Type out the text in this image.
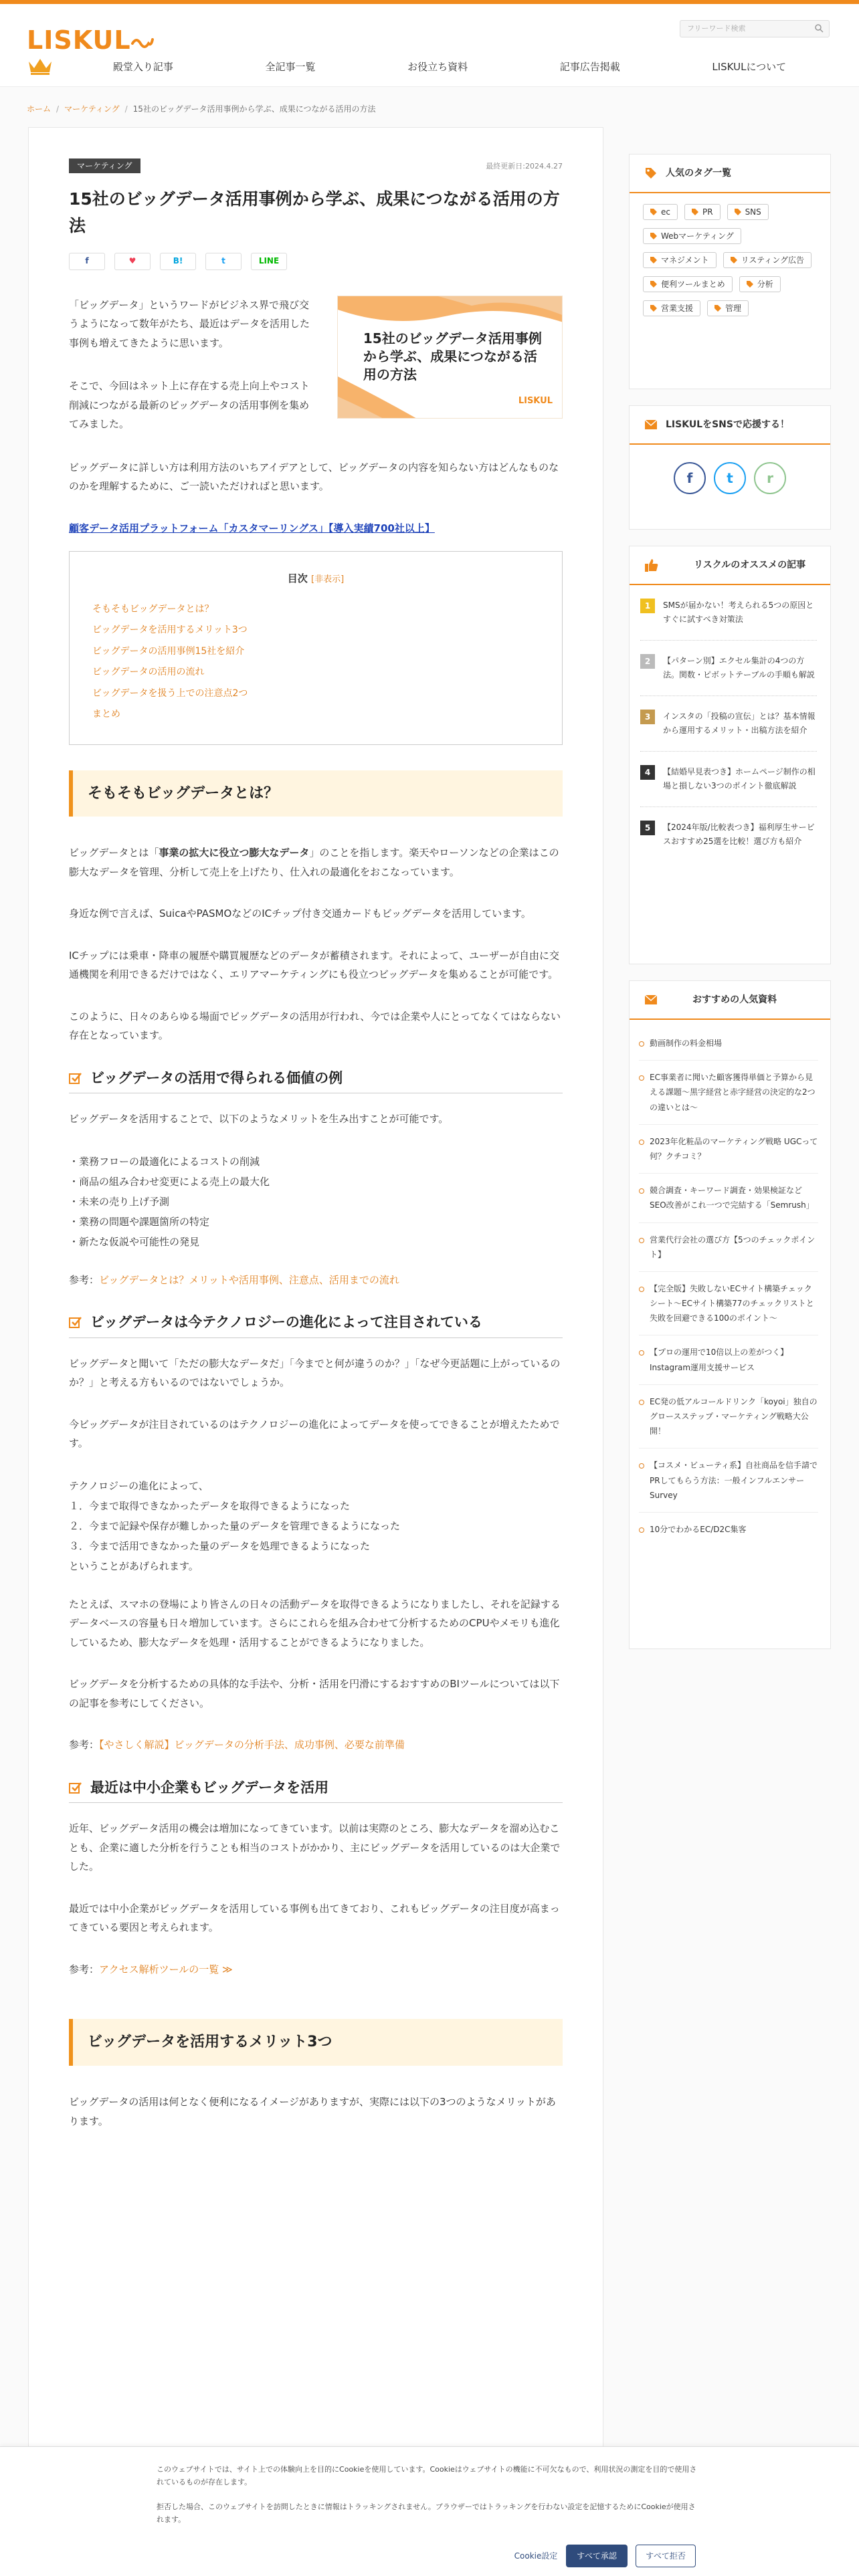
LISKUL	フリーワード検索
殿堂入り記事	全記事一覧	お役立ち資料	記事広告掲載	LISKULについて
ホーム / マーケティング / 15社のビッグデータ活用事例から学ぶ、成果につながる活用の方法
マーケティング	最終更新日:2024.4.27
15社のビッグデータ活用事例から学ぶ、成果につながる活用の方法
f	♥	B!	t	LINE

「ビッグデータ」というワードがビジネス界で飛び交うようになって数年がたち、最近はデータを活用した事例も増えてきたように思います。

そこで、今回はネット上に存在する売上向上やコスト削減につながる最新のビッグデータの活用事例を集めてみました。

15社のビッグデータ活用事例から学ぶ、成果につながる活用の方法
LISKUL

ビッグデータに詳しい方は利用方法のいちアイデアとして、ビッグデータの内容を知らない方はどんなものなのかを理解するために、ご一読いただければと思います。

顧客データ活用プラットフォーム「カスタマーリングス」【導入実績700社以上】
目次 [非表示]
そもそもビッグデータとは？
ビッグデータを活用するメリット3つ
ビッグデータの活用事例15社を紹介
ビッグデータの活用の流れ
ビッグデータを扱う上での注意点2つ
まとめ
そもそもビッグデータとは？

ビッグデータとは「事業の拡大に役立つ膨大なデータ」のことを指します。楽天やローソンなどの企業はこの膨大なデータを管理、分析して売上を上げたり、仕入れの最適化をおこなっています。

身近な例で言えば、SuicaやPASMOなどのICチップ付き交通カードもビッグデータを活用しています。

ICチップには乗車・降車の履歴や購買履歴などのデータが蓄積されます。それによって、ユーザーが自由に交通機関を利用できるだけではなく、エリアマーケティングにも役立つビッグデータを集めることが可能です。

このように、日々のあらゆる場面でビッグデータの活用が行われ、今では企業や人にとってなくてはならない存在となっています。

ビッグデータの活用で得られる価値の例

ビッグデータを活用することで、以下のようなメリットを生み出すことが可能です。

・業務フローの最適化によるコストの削減
・商品の組み合わせ変更による売上の最大化
・未来の売り上げ予測
・業務の問題や課題箇所の特定
・新たな仮説や可能性の発見

参考：ビッグデータとは？メリットや活用事例、注意点、活用までの流れ

ビッグデータは今テクノロジーの進化によって注目されている

ビッグデータと聞いて「ただの膨大なデータだ」「今までと何が違うのか？」「なぜ今更話題に上がっているのか？」と考える方もいるのではないでしょうか。

今ビッグデータが注目されているのはテクノロジーの進化によってデータを使ってできることが増えたためです。

テクノロジーの進化によって、
１．今まで取得できなかったデータを取得できるようになった
２．今まで記録や保存が難しかった量のデータを管理できるようになった
３．今まで活用できなかった量のデータを処理できるようになった
ということがあげられます。

たとえば、スマホの登場により皆さんの日々の活動データを取得できるようになりましたし、それを記録するデータベースの容量も日々増加しています。さらにこれらを組み合わせて分析するためのCPUやメモリも進化しているため、膨大なデータを処理・活用することができるようになりました。

ビッグデータを分析するための具体的な手法や、分析・活用を円滑にするおすすめのBIツールについては以下の記事を参考にしてください。

参考：【やさしく解説】ビッグデータの分析手法、成功事例、必要な前準備

最近は中小企業もビッグデータを活用

近年、ビッグデータ活用の機会は増加になってきています。以前は実際のところ、膨大なデータを溜め込むことも、企業に適した分析を行うことも相当のコストがかかり、主にビッグデータを活用しているのは大企業でした。

最近では中小企業がビッグデータを活用している事例も出てきており、これもビッグデータの注目度が高まってきている要因と考えられます。

参考：アクセス解析ツールの一覧 ≫

ビッグデータを活用するメリット3つ

ビッグデータの活用は何となく便利になるイメージがありますが、実際には以下の3つのようなメリットがあります。

人気のタグ一覧
ec	PR	SNS
Webマーケティング
マネジメント	リスティング広告
便利ツールまとめ	分析
営業支援	管理
LISKULをSNSで応援する！
f	t	r
リスクルのオススメの記事
1	SMSが届かない！考えられる5つの原因とすぐに試すべき対策法
2	【パターン別】エクセル集計の4つの方法。関数・ピボットテーブルの手順も解説
3	インスタの「投稿の宣伝」とは？基本情報から運用するメリット・出稿方法を紹介
4	【結婚早見表つき】ホームページ制作の相場と損しない3つのポイント徹底解説
5	【2024年版/比較表つき】福利厚生サービスおすすめ25選を比較！選び方も紹介
おすすめの人気資料
動画制作の料金相場
EC事業者に聞いた顧客獲得単価と予算から見える課題〜黒字経営と赤字経営の決定的な2つの違いとは〜
2023年化粧品のマーケティング戦略 UGCって何？クチコミ？
競合調査・キーワード調査・効果検証などSEO改善がこれ一つで完結する「Semrush」
営業代行会社の選び方【5つのチェックポイント】
【完全版】失敗しないECサイト構築チェックシート〜ECサイト構築77のチェックリストと失敗を回避できる100のポイント〜
【プロの運用で10倍以上の差がつく】Instagram運用支援サービス
EC発の低アルコールドリンク「koyoi」独自のグロースステップ・マーケティング戦略大公開！
【コスメ・ビューティ系】自社商品を信手請でPRしてもらう方法：一般インフルエンサーSurvey
10分でわかるEC/D2C集客

このウェブサイトでは、サイト上での体験向上を目的にCookieを使用しています。Cookieはウェブサイトの機能に不可欠なもので、利用状況の測定を目的で使用されているものが存在します。

拒否した場合、このウェブサイトを訪問したときに情報はトラッキングされません。ブラウザーではトラッキングを行わない設定を記憶するためにCookieが使用されます。

Cookie設定	すべて承認	すべて拒否
